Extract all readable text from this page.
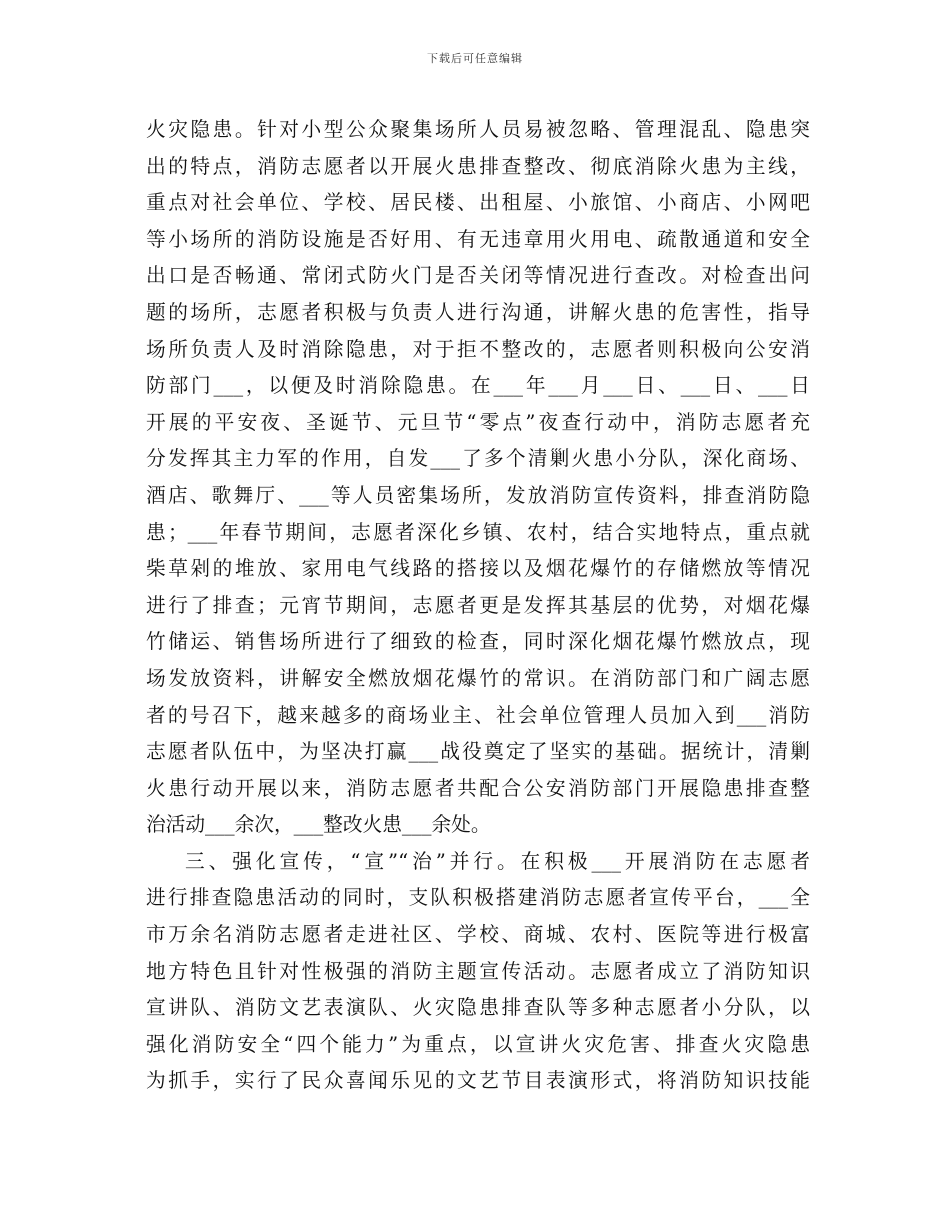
下载后可任意编辑
火灾隐患。针对小型公众聚集场所人员易被忽略、管理混乱、隐患突
出的特点，消防志愿者以开展火患排查整改、彻底消除火患为主线，
重点对社会单位、学校、居民楼、出租屋、小旅馆、小商店、小网吧
等小场所的消防设施是否好用、有无违章用火用电、疏散通道和安全
出口是否畅通、常闭式防火门是否关闭等情况进行查改。对检查出问
题的场所，志愿者积极与负责人进行沟通，讲解火患的危害性，指导
场所负责人及时消除隐患，对于拒不整改的，志愿者则积极向公安消
防部门___，以便及时消除隐患。在___年___月___日、___日、___日
开展的平安夜、圣诞节、元旦节“零点”夜查行动中，消防志愿者充
分发挥其主力军的作用，自发___了多个清剿火患小分队，深化商场、
酒店、歌舞厅、___等人员密集场所，发放消防宣传资料，排查消防隐
患；___年春节期间，志愿者深化乡镇、农村，结合实地特点，重点就
柴草剁的堆放、家用电气线路的搭接以及烟花爆竹的存储燃放等情况
进行了排查；元宵节期间，志愿者更是发挥其基层的优势，对烟花爆
竹储运、销售场所进行了细致的检查，同时深化烟花爆竹燃放点，现
场发放资料，讲解安全燃放烟花爆竹的常识。在消防部门和广阔志愿
者的号召下，越来越多的商场业主、社会单位管理人员加入到___消防
志愿者队伍中，为坚决打赢___战役奠定了坚实的基础。据统计，清剿
火患行动开展以来，消防志愿者共配合公安消防部门开展隐患排查整
治活动___余次，___整改火患___余处。
三、强化宣传，“宣”“治”并行。在积极___开展消防在志愿者
进行排查隐患活动的同时，支队积极搭建消防志愿者宣传平台，___全
市万余名消防志愿者走进社区、学校、商城、农村、医院等进行极富
地方特色且针对性极强的消防主题宣传活动。志愿者成立了消防知识
宣讲队、消防文艺表演队、火灾隐患排查队等多种志愿者小分队，以
强化消防安全“四个能力”为重点，以宣讲火灾危害、排查火灾隐患
为抓手，实行了民众喜闻乐见的文艺节目表演形式，将消防知识技能
